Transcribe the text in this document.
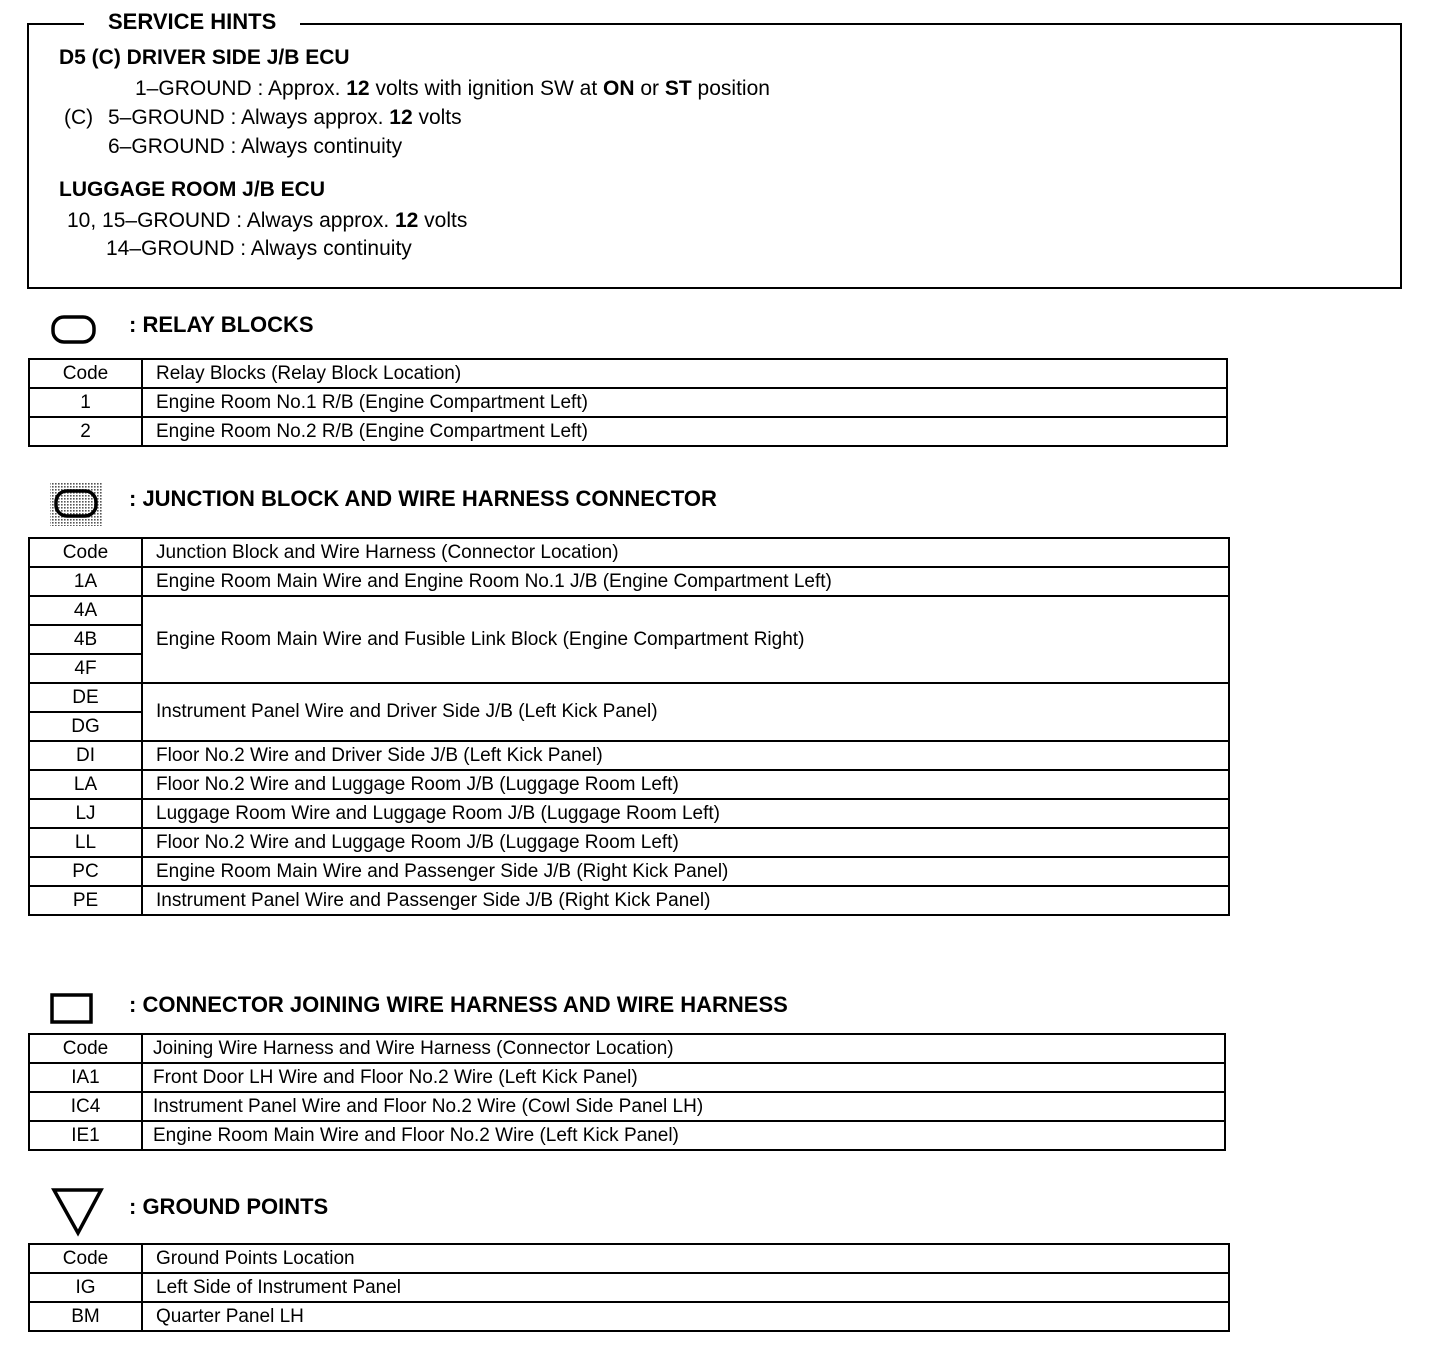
SERVICE HINTS
D5 (C) DRIVER SIDE J/B ECU
1–GROUND : Approx. 12 volts with ignition SW at ON or ST position
(C) 5–GROUND : Always approx. 12 volts
6–GROUND : Always continuity
LUGGAGE ROOM J/B ECU
10, 15–GROUND : Always approx. 12 volts
14–GROUND : Always continuity
: RELAY BLOCKS
Code	Relay Blocks (Relay Block Location)
1	Engine Room No.1 R/B (Engine Compartment Left)
2	Engine Room No.2 R/B (Engine Compartment Left)
: JUNCTION BLOCK AND WIRE HARNESS CONNECTOR
Code	Junction Block and Wire Harness (Connector Location)
1A	Engine Room Main Wire and Engine Room No.1 J/B (Engine Compartment Left)
4A	Engine Room Main Wire and Fusible Link Block (Engine Compartment Right)
4B	
4F	
DE	Instrument Panel Wire and Driver Side J/B (Left Kick Panel)
DG	
DI	Floor No.2 Wire and Driver Side J/B (Left Kick Panel)
LA	Floor No.2 Wire and Luggage Room J/B (Luggage Room Left)
LJ	Luggage Room Wire and Luggage Room J/B (Luggage Room Left)
LL	Floor No.2 Wire and Luggage Room J/B (Luggage Room Left)
PC	Engine Room Main Wire and Passenger Side J/B (Right Kick Panel)
PE	Instrument Panel Wire and Passenger Side J/B (Right Kick Panel)
: CONNECTOR JOINING WIRE HARNESS AND WIRE HARNESS
Code	Joining Wire Harness and Wire Harness (Connector Location)
IA1	Front Door LH Wire and Floor No.2 Wire (Left Kick Panel)
IC4	Instrument Panel Wire and Floor No.2 Wire (Cowl Side Panel LH)
IE1	Engine Room Main Wire and Floor No.2 Wire (Left Kick Panel)
: GROUND POINTS
Code	Ground Points Location
IG	Left Side of Instrument Panel
BM	Quarter Panel LH
